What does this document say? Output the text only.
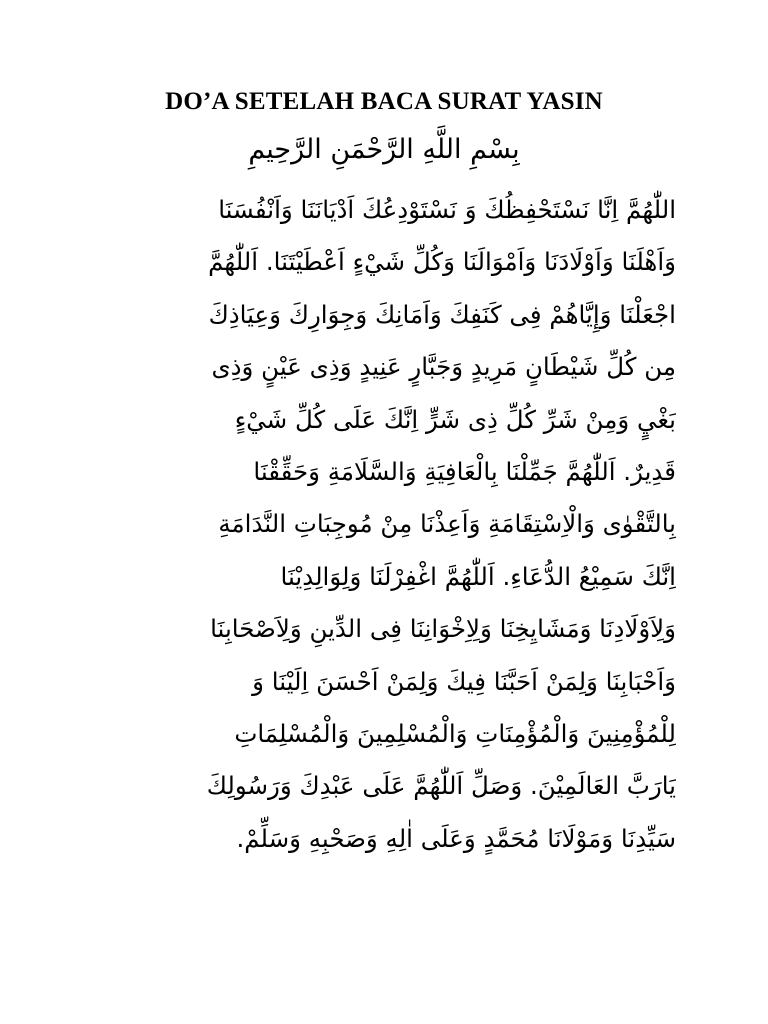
DO’A SETELAH BACA SURAT YASIN
بِسْمِ اللَّهِ الرَّحْمَنِ الرَّحِيمِ
اللّٰهُمَّ اِنَّا نَسْتَحْفِظُكَ وَ نَسْتَوْدِعُكَ اَدْيَانَنَا وَاَنْفُسَنَا
وَاَهْلَنَا وَاَوْلَادَنَا وَاَمْوَالَنَا وَكُلِّ شَيْءٍ اَعْطَيْتَنَا. اَللّٰهُمَّ
اجْعَلْنَا وَإِيَّاهُمْ فِى كَنَفِكَ وَاَمَانِكَ وَجِوَارِكَ وَعِيَاذِكَ
مِن كُلِّ شَيْطَانٍ مَرِيدٍ وَجَبَّارٍ عَنِيدٍ وَذِى عَيْنٍ وَذِى
بَغْيٍ وَمِنْ شَرِّ كُلِّ ذِى شَرٍّ اِنَّكَ عَلَى كُلِّ شَيْءٍ
قَدِيرٌ. اَللّٰهُمَّ جَمِّلْنَا بِالْعَافِيَةِ وَالسَّلَامَةِ وَحَقِّقْنَا
بِالتَّقْوٰى وَالْاِسْتِقَامَةِ وَاَعِذْنَا مِنْ مُوجِبَاتِ النَّدَامَةِ
اِنَّكَ سَمِيْعُ الدُّعَاءِ. اَللّٰهُمَّ اغْفِرْلَنَا وَلِوَالِدِيْنَا
وَلِاَوْلَادِنَا وَمَشَايِخِنَا وَلِاِخْوَانِنَا فِى الدِّينِ وَلِاَصْحَابِنَا
وَاَحْبَابِنَا وَلِمَنْ اَحَبَّنَا فِيكَ وَلِمَنْ اَحْسَنَ اِلَيْنَا وَ
لِلْمُؤْمِنِينَ وَالْمُؤْمِنَاتِ وَالْمُسْلِمِينَ وَالْمُسْلِمَاتِ
يَارَبَّ العَالَمِيْنَ. وَصَلِّ اَللّٰهُمَّ عَلَى عَبْدِكَ وَرَسُولِكَ
سَيِّدِنَا وَمَوْلَانَا مُحَمَّدٍ وَعَلَى اٰلِهِ وَصَحْبِهِ وَسَلِّمْ.
